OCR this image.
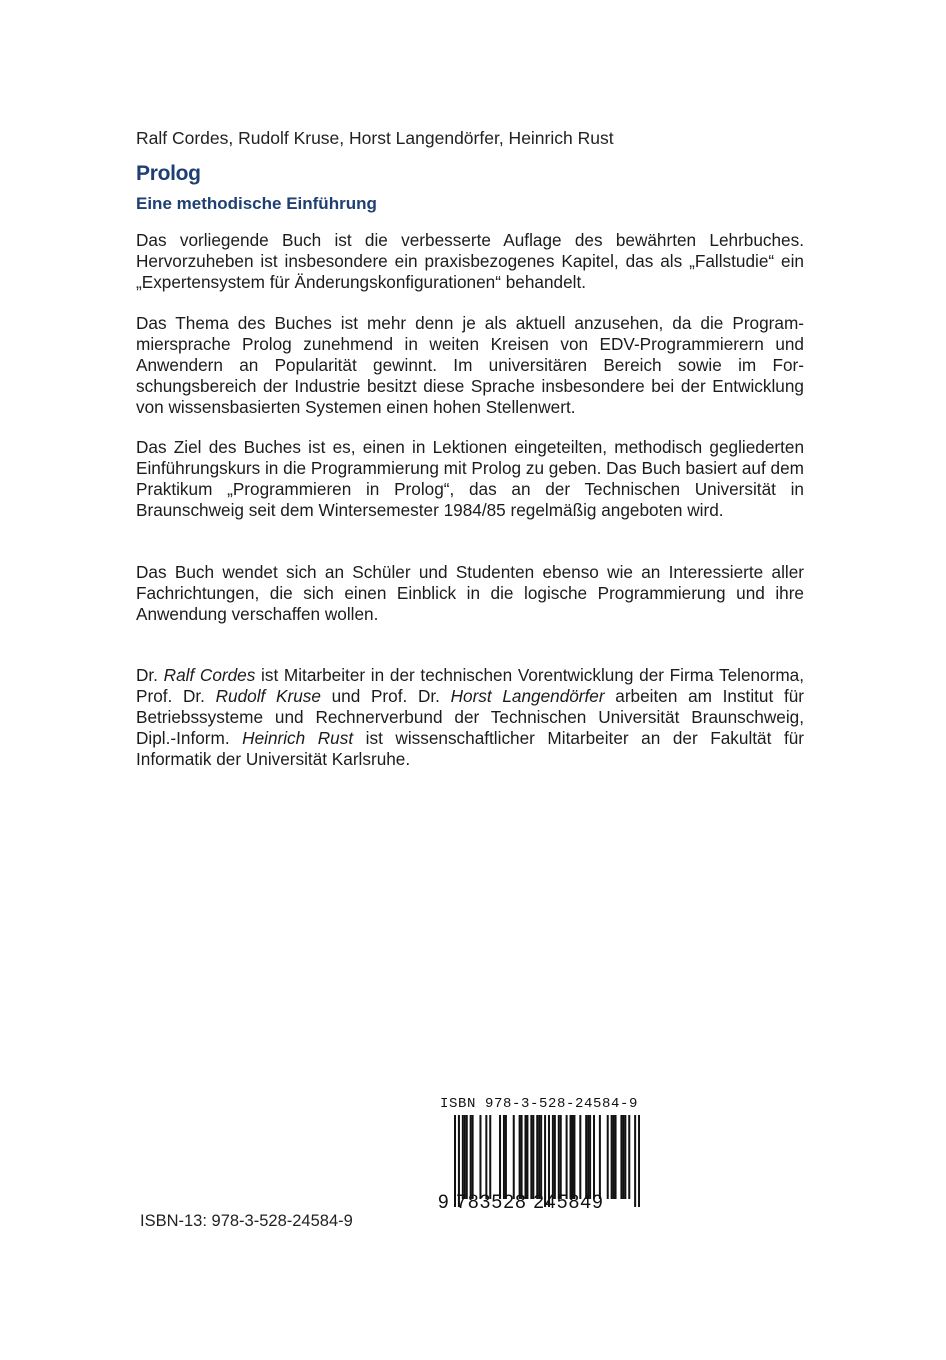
Ralf Cordes, Rudolf Kruse, Horst Langendörfer, Heinrich Rust
Prolog
Eine methodische Einführung

Das vorliegende Buch ist die verbesserte Auflage des bewährten Lehrbuches. Hervorzuheben ist insbesondere ein praxisbezogenes Kapitel, das als „Fallstudie“ ein „Expertensystem für Änderungskonfigurationen“ behandelt.

Das Thema des Buches ist mehr denn je als aktuell anzusehen, da die Programmiersprache Prolog zunehmend in weiten Kreisen von EDV-Programmierern und Anwendern an Popularität gewinnt. Im universitären Bereich sowie im Forschungsbereich der Industrie besitzt diese Sprache insbesondere bei der Entwicklung von wissensbasierten Systemen einen hohen Stellenwert.

Das Ziel des Buches ist es, einen in Lektionen eingeteilten, methodisch gegliederten Einführungskurs in die Programmierung mit Prolog zu geben. Das Buch basiert auf dem Praktikum „Programmieren in Prolog“, das an der Technischen Universität in Braunschweig seit dem Wintersemester 1984/85 regelmäßig angeboten wird.

Das Buch wendet sich an Schüler und Studenten ebenso wie an Interessierte aller Fachrichtungen, die sich einen Einblick in die logische Programmierung und ihre Anwendung verschaffen wollen.

Dr. Ralf Cordes ist Mitarbeiter in der technischen Vorentwicklung der Firma Telenorma, Prof. Dr. Rudolf Kruse und Prof. Dr. Horst Langendörfer arbeiten am Institut für Betriebssysteme und Rechnerverbund der Technischen Universität Braunschweig, Dipl.-Inform. Heinrich Rust ist wissenschaftlicher Mitarbeiter an der Fakultät für Informatik der Universität Karlsruhe.

ISBN 978-3-528-24584-9
9 783528 245849
ISBN-13: 978-3-528-24584-9
